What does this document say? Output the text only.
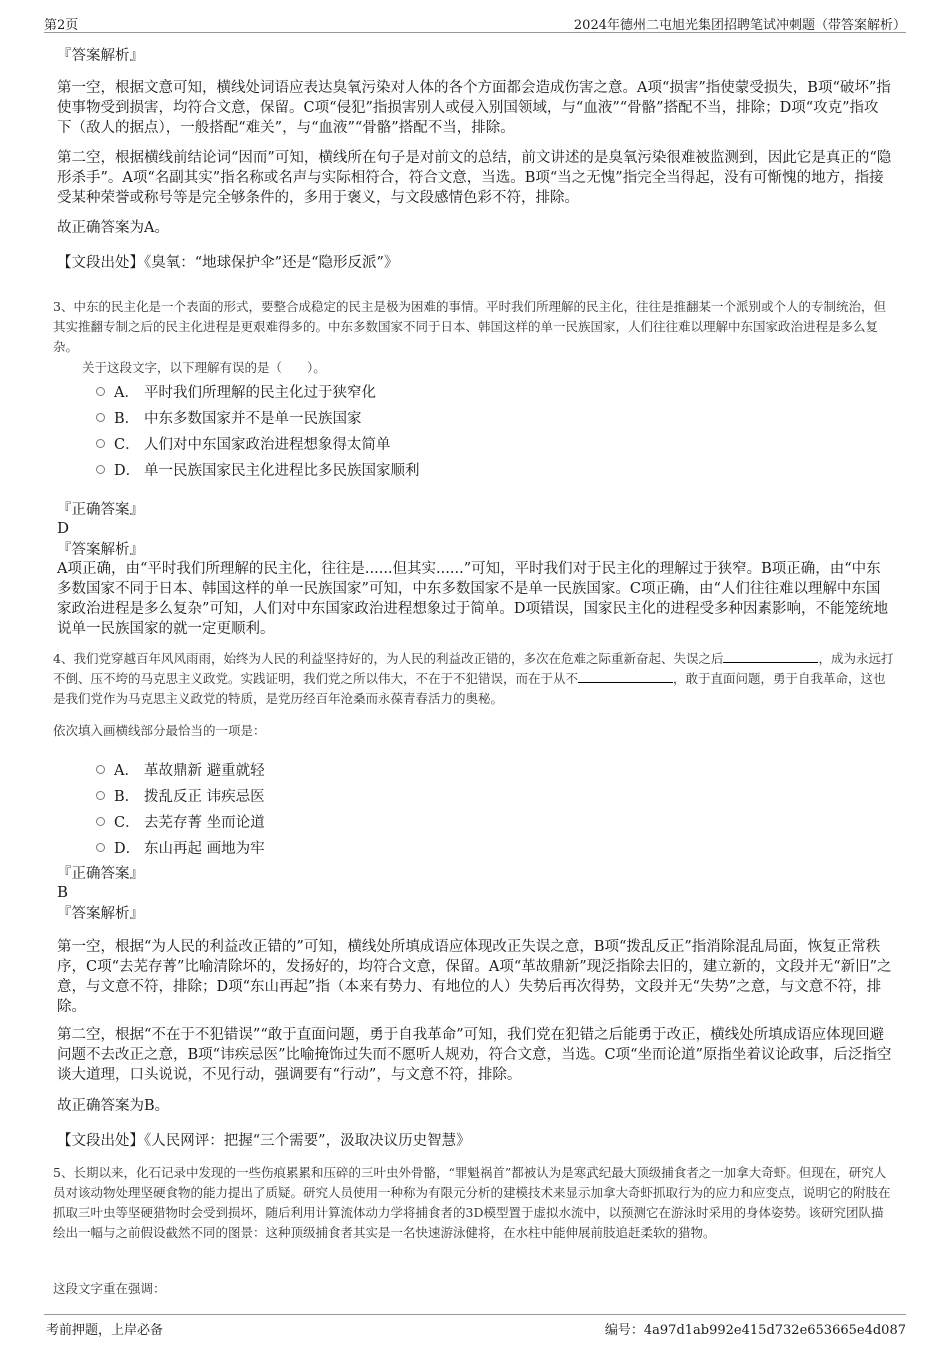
第2页	2024年德州二屯旭光集团招聘笔试冲刺题（带答案解析）
『答案解析』
第一空，根据文意可知，横线处词语应表达臭氧污染对人体的各个方面都会造成伤害之意。A项“损害”指使蒙受损失，B项“破坏”指使事物受到损害，均符合文意，保留。C项“侵犯”指损害别人或侵入别国领域，与“血液”“骨骼”搭配不当，排除；D项“攻克”指攻下（敌人的据点），一般搭配“难关”，与“血液”“骨骼”搭配不当，排除。
第二空，根据横线前结论词“因而”可知，横线所在句子是对前文的总结，前文讲述的是臭氧污染很难被监测到，因此它是真正的“隐形杀手”。A项“名副其实”指名称或名声与实际相符合，符合文意，当选。B项“当之无愧”指完全当得起，没有可惭愧的地方，指接受某种荣誉或称号等是完全够条件的，多用于褒义，与文段感情色彩不符，排除。
故正确答案为A。
【文段出处】《臭氧：“地球保护伞”还是“隐形反派”》
3、中东的民主化是一个表面的形式，要整合成稳定的民主是极为困难的事情。平时我们所理解的民主化，往往是推翻某一个派别或个人的专制统治，但其实推翻专制之后的民主化进程是更艰难得多的。中东多数国家不同于日本、韩国这样的单一民族国家，人们往往难以理解中东国家政治进程是多么复杂。
关于这段文字，以下理解有误的是（　　）。
A． 平时我们所理解的民主化过于狭窄化
B． 中东多数国家并不是单一民族国家
C． 人们对中东国家政治进程想象得太简单
D． 单一民族国家民主化进程比多民族国家顺利
『正确答案』
D
『答案解析』
A项正确，由“平时我们所理解的民主化，往往是......但其实......”可知，平时我们对于民主化的理解过于狭窄。B项正确，由“中东多数国家不同于日本、韩国这样的单一民族国家”可知，中东多数国家不是单一民族国家。C项正确，由“人们往往难以理解中东国家政治进程是多么复杂”可知，人们对中东国家政治进程想象过于简单。D项错误，国家民主化的进程受多种因素影响，不能笼统地说单一民族国家的就一定更顺利。
4、我们党穿越百年风风雨雨，始终为人民的利益坚持好的，为人民的利益改正错的，多次在危难之际重新奋起、失误之后	，成为永远打不倒、压不垮的马克思主义政党。实践证明，我们党之所以伟大，不在于不犯错误，而在于从不	，敢于直面问题，勇于自我革命，这也是我们党作为马克思主义政党的特质，是党历经百年沧桑而永葆青春活力的奥秘。
依次填入画横线部分最恰当的一项是：
A． 革故鼎新 避重就轻
B． 拨乱反正 讳疾忌医
C． 去芜存菁 坐而论道
D． 东山再起 画地为牢
『正确答案』
B
『答案解析』
第一空，根据“为人民的利益改正错的”可知，横线处所填成语应体现改正失误之意，B项“拨乱反正”指消除混乱局面，恢复正常秩序，C项“去芜存菁”比喻清除坏的，发扬好的，均符合文意，保留。A项“革故鼎新”现泛指除去旧的，建立新的，文段并无“新旧”之意，与文意不符，排除；D项“东山再起”指（本来有势力、有地位的人）失势后再次得势，文段并无“失势”之意，与文意不符，排除。
第二空，根据“不在于不犯错误”“敢于直面问题，勇于自我革命”可知，我们党在犯错之后能勇于改正，横线处所填成语应体现回避问题不去改正之意，B项“讳疾忌医”比喻掩饰过失而不愿听人规劝，符合文意，当选。C项“坐而论道”原指坐着议论政事，后泛指空谈大道理，口头说说，不见行动，强调要有“行动”，与文意不符，排除。
故正确答案为B。
【文段出处】《人民网评：把握“三个需要”，汲取决议历史智慧》
5、长期以来，化石记录中发现的一些伤痕累累和压碎的三叶虫外骨骼，“罪魁祸首”都被认为是寒武纪最大顶级捕食者之一加拿大奇虾。但现在，研究人员对该动物处理坚硬食物的能力提出了质疑。研究人员使用一种称为有限元分析的建模技术来显示加拿大奇虾抓取行为的应力和应变点，说明它的附肢在抓取三叶虫等坚硬猎物时会受到损坏，随后利用计算流体动力学将捕食者的3D模型置于虚拟水流中，以预测它在游泳时采用的身体姿势。该研究团队描绘出一幅与之前假设截然不同的图景：这种顶级捕食者其实是一名快速游泳健将，在水柱中能伸展前肢追赶柔软的猎物。
这段文字重在强调：
考前押题，上岸必备	编号：4a97d1ab992e415d732e653665e4d087
